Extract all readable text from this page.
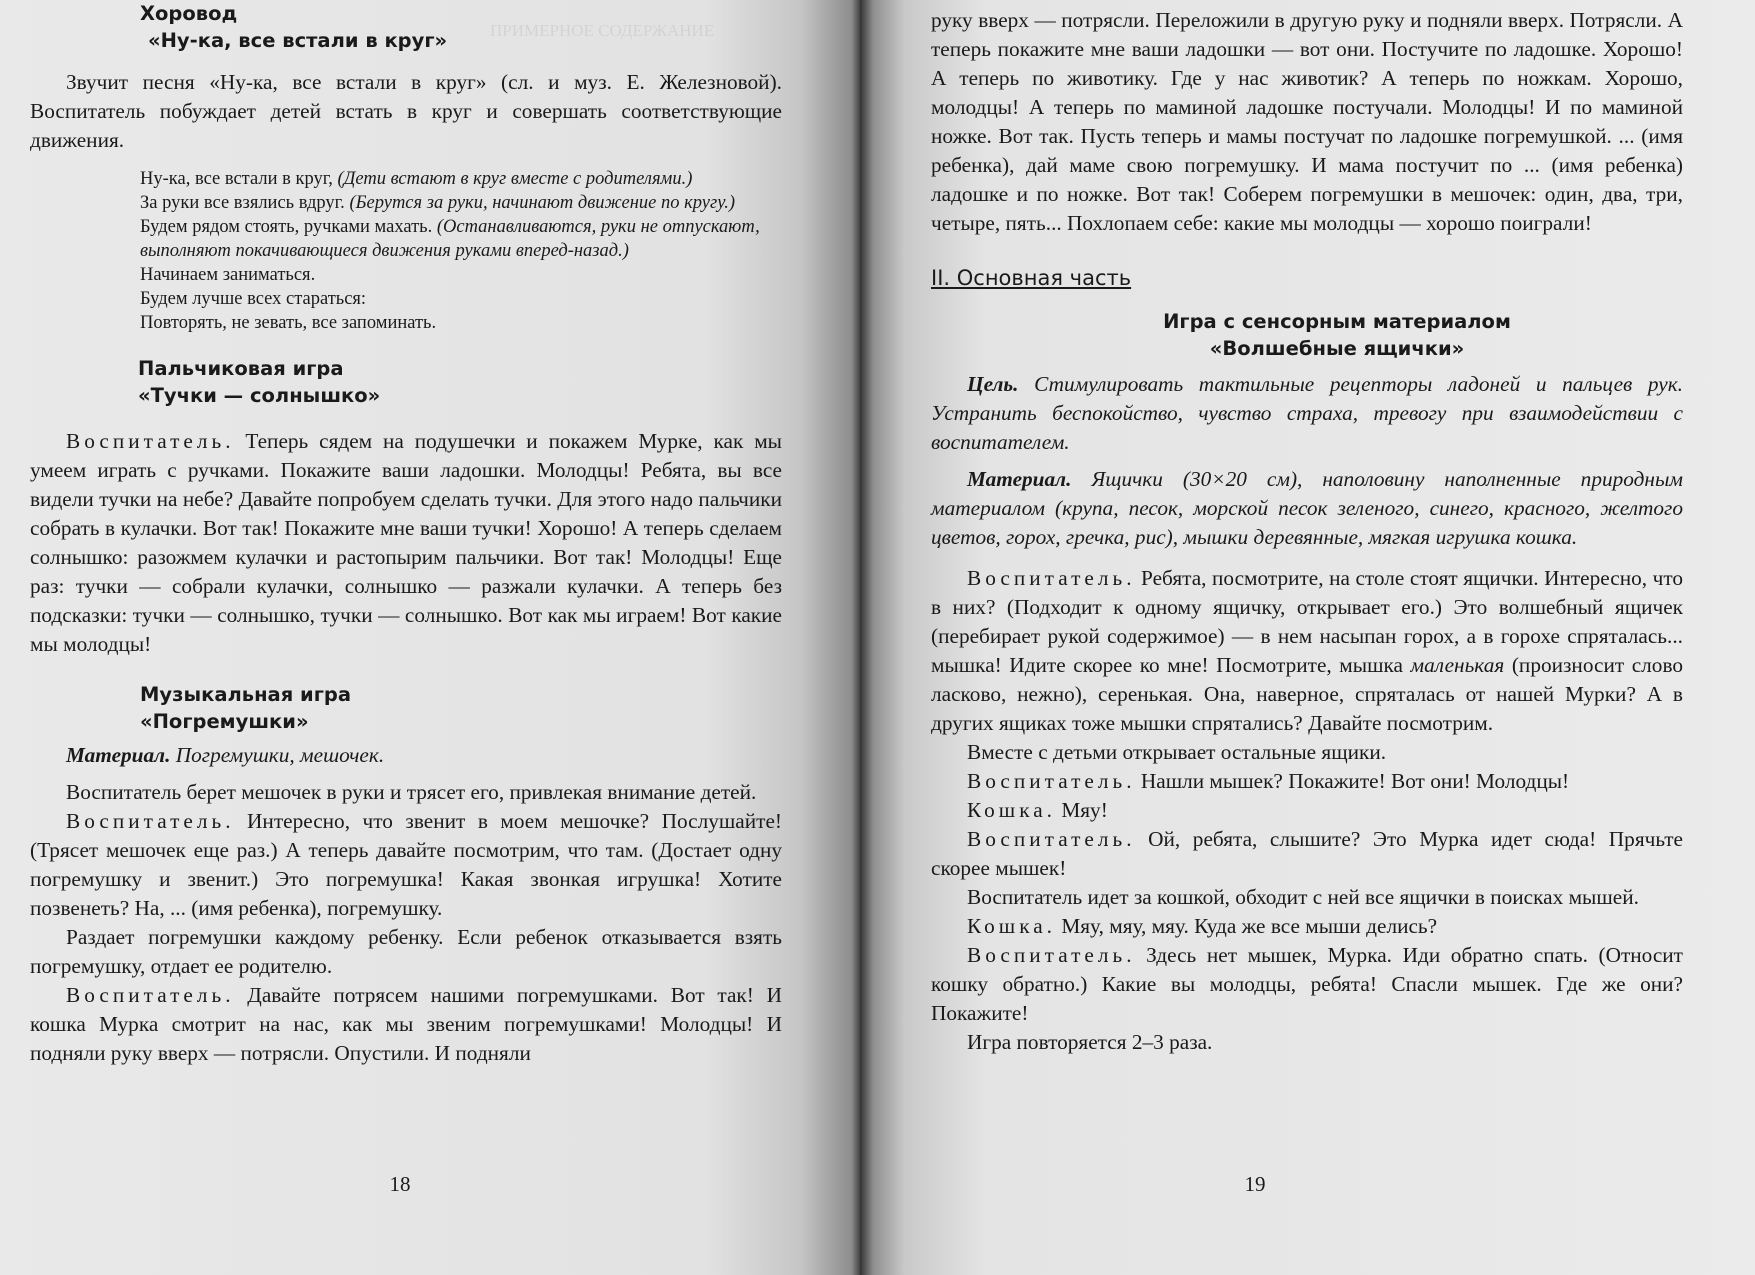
ПРИМЕРНОЕ СОДЕРЖАНИЕ

Хоровод

«Ну-ка, все встали в круг»

Звучит песня «Ну-ка, все встали в круг» (сл. и муз. Е. Железновой). Воспитатель побуждает детей встать в круг и совершать соответствующие движения.

Ну-ка, все встали в круг, (Дети встают в круг вместе с родителями.)
За руки все взялись вдруг. (Берутся за руки, начинают движение по кругу.)
Будем рядом стоять, ручками махать. (Останавливаются, руки не отпускают, выполняют покачивающиеся движения руками вперед-назад.)
Начинаем заниматься.
Будем лучше всех стараться:
Повторять, не зевать, все запоминать.

Пальчиковая игра

«Тучки — солнышко»

Воспитатель. Теперь сядем на подушечки и покажем Мурке, как мы умеем играть с ручками. Покажите ваши ладошки. Молодцы! Ребята, вы все видели тучки на небе? Давайте попробуем сделать тучки. Для этого надо пальчики собрать в кулачки. Вот так! Покажите мне ваши тучки! Хорошо! А теперь сделаем солнышко: разожмем кулачки и растопырим пальчики. Вот так! Молодцы! Еще раз: тучки — собрали кулачки, солнышко — разжали кулачки. А теперь без подсказки: тучки — солнышко, тучки — солнышко. Вот как мы играем! Вот какие мы молодцы!

Музыкальная игра

«Погремушки»

Материал. Погремушки, мешочек.

Воспитатель берет мешочек в руки и трясет его, привлекая внимание детей.

Воспитатель. Интересно, что звенит в моем мешочке? Послушайте! (Трясет мешочек еще раз.) А теперь давайте посмотрим, что там. (Достает одну погремушку и звенит.) Это погремушка! Какая звонкая игрушка! Хотите позвенеть? На, ... (имя ребенка), погремушку.

Раздает погремушки каждому ребенку. Если ребенок отказывается взять погремушку, отдает ее родителю.

Воспитатель. Давайте потрясем нашими погремушками. Вот так! И кошка Мурка смотрит на нас, как мы звеним погремушками! Молодцы! И подняли руку вверх — потрясли. Опустили. И подняли

18

руку вверх — потрясли. Переложили в другую руку и подняли вверх. Потрясли. А теперь покажите мне ваши ладошки — вот они. Постучите по ладошке. Хорошо! А теперь по животику. Где у нас животик? А теперь по ножкам. Хорошо, молодцы! А теперь по маминой ладошке постучали. Молодцы! И по маминой ножке. Вот так. Пусть теперь и мамы постучат по ладошке погремушкой. ... (имя ребенка), дай маме свою погремушку. И мама постучит по ... (имя ребенка) ладошке и по ножке. Вот так! Соберем погремушки в мешочек: один, два, три, четыре, пять... Похлопаем себе: какие мы молодцы — хорошо поиграли!

II. Основная часть

Игра с сенсорным материалом

«Волшебные ящички»

Цель. Стимулировать тактильные рецепторы ладоней и пальцев рук. Устранить беспокойство, чувство страха, тревогу при взаимодействии с воспитателем.

Материал. Ящички (30×20 см), наполовину наполненные природным материалом (крупа, песок, морской песок зеленого, синего, красного, желтого цветов, горох, гречка, рис), мышки деревянные, мягкая игрушка кошка.

Воспитатель. Ребята, посмотрите, на столе стоят ящички. Интересно, что в них? (Подходит к одному ящичку, открывает его.) Это волшебный ящичек (перебирает рукой содержимое) — в нем насыпан горох, а в горохе спряталась... мышка! Идите скорее ко мне! Посмотрите, мышка маленькая (произносит слово ласково, нежно), серенькая. Она, наверное, спряталась от нашей Мурки? А в других ящиках тоже мышки спрятались? Давайте посмотрим.

Вместе с детьми открывает остальные ящики.

Воспитатель. Нашли мышек? Покажите! Вот они! Молодцы!

Кошка. Мяу!

Воспитатель. Ой, ребята, слышите? Это Мурка идет сюда! Прячьте скорее мышек!

Воспитатель идет за кошкой, обходит с ней все ящички в поисках мышей.

Кошка. Мяу, мяу, мяу. Куда же все мыши делись?

Воспитатель. Здесь нет мышек, Мурка. Иди обратно спать. (Относит кошку обратно.) Какие вы молодцы, ребята! Спасли мышек. Где же они? Покажите!

Игра повторяется 2–3 раза.

19
